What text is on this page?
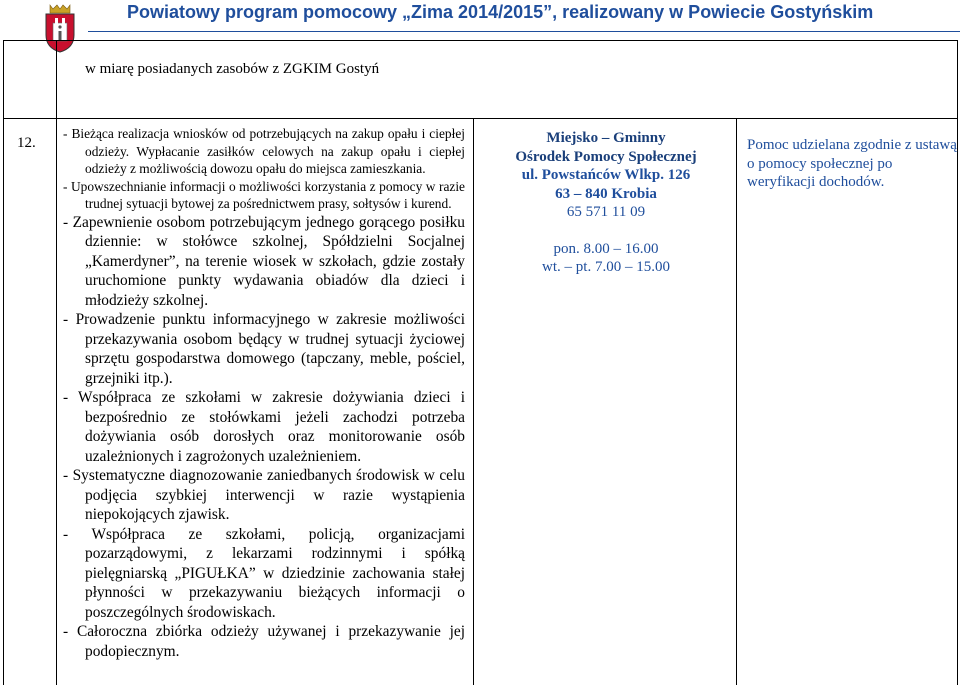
Powiatowy program pomocowy „Zima 2014/2015”, realizowany w Powiecie Gostyńskim
w miarę posiadanych zasobów z ZGKIM Gostyń
12.

- Bieżąca realizacja wniosków od potrzebujących na zakup opału i ciepłej odzieży. Wypłacanie zasiłków celowych na zakup opału i ciepłej odzieży z możliwością dowozu opału do miejsca zamieszkania.

- Upowszechnianie informacji o możliwości korzystania z pomocy w razie trudnej sytuacji bytowej za pośrednictwem prasy, sołtysów i kurend.

- Zapewnienie osobom potrzebującym jednego gorącego posiłku dziennie: w stołówce szkolnej, Spółdzielni Socjalnej „Kamerdyner”, na terenie wiosek w szkołach, gdzie zostały uruchomione punkty wydawania obiadów dla dzieci i młodzieży szkolnej.

- Prowadzenie punktu informacyjnego w zakresie możliwości przekazywania osobom będący w trudnej sytuacji życiowej sprzętu gospodarstwa domowego (tapczany, meble, pościel, grzejniki itp.).

- Współpraca ze szkołami w zakresie dożywiania dzieci i bezpośrednio ze stołówkami jeżeli zachodzi potrzeba dożywiania osób dorosłych oraz monitorowanie osób uzależnionych i zagrożonych uzależnieniem.

- Systematyczne diagnozowanie zaniedbanych środowisk w celu podjęcia szybkiej interwencji w razie wystąpienia niepokojących zjawisk.

- Współpraca ze szkołami, policją, organizacjami pozarządowymi, z lekarzami rodzinnymi i spółką pielęgniarską „PIGUŁKA” w dziedzinie zachowania stałej płynności w przekazywaniu bieżących informacji o poszczególnych środowiskach.

- Całoroczna zbiórka odzieży używanej i przekazywanie jej podopiecznym.

Miejsko – Gminny
Ośrodek Pomocy Społecznej
ul. Powstańców Wlkp. 126
63 – 840 Krobia
65 571 11 09
pon. 8.00 – 16.00
wt. – pt. 7.00 – 15.00
Pomoc udzielana zgodnie z ustawą o pomocy społecznej po weryfikacji dochodów.
